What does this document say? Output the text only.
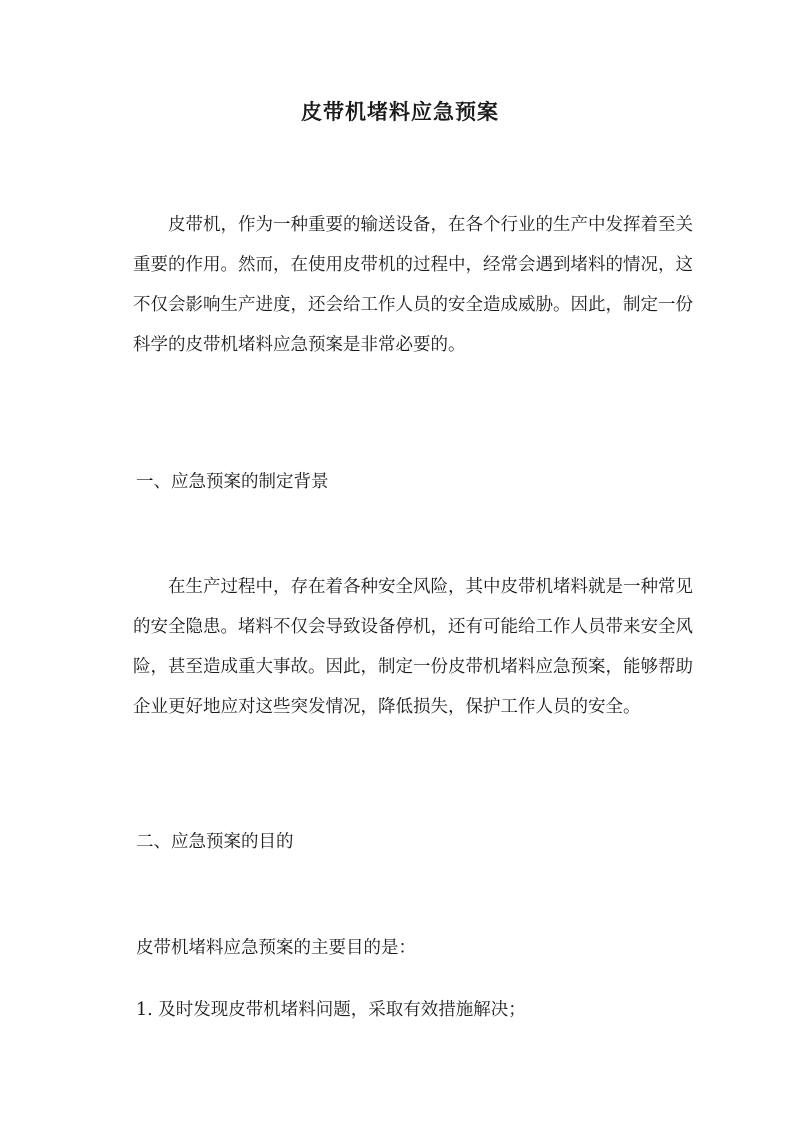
皮带机堵料应急预案
皮带机，作为一种重要的输送设备，在各个行业的生产中发挥着至关重要的作用。然而，在使用皮带机的过程中，经常会遇到堵料的情况，这不仅会影响生产进度，还会给工作人员的安全造成威胁。因此，制定一份科学的皮带机堵料应急预案是非常必要的。
一、应急预案的制定背景
在生产过程中，存在着各种安全风险，其中皮带机堵料就是一种常见的安全隐患。堵料不仅会导致设备停机，还有可能给工作人员带来安全风险，甚至造成重大事故。因此，制定一份皮带机堵料应急预案，能够帮助企业更好地应对这些突发情况，降低损失，保护工作人员的安全。
二、应急预案的目的
皮带机堵料应急预案的主要目的是：
1. 及时发现皮带机堵料问题，采取有效措施解决；
